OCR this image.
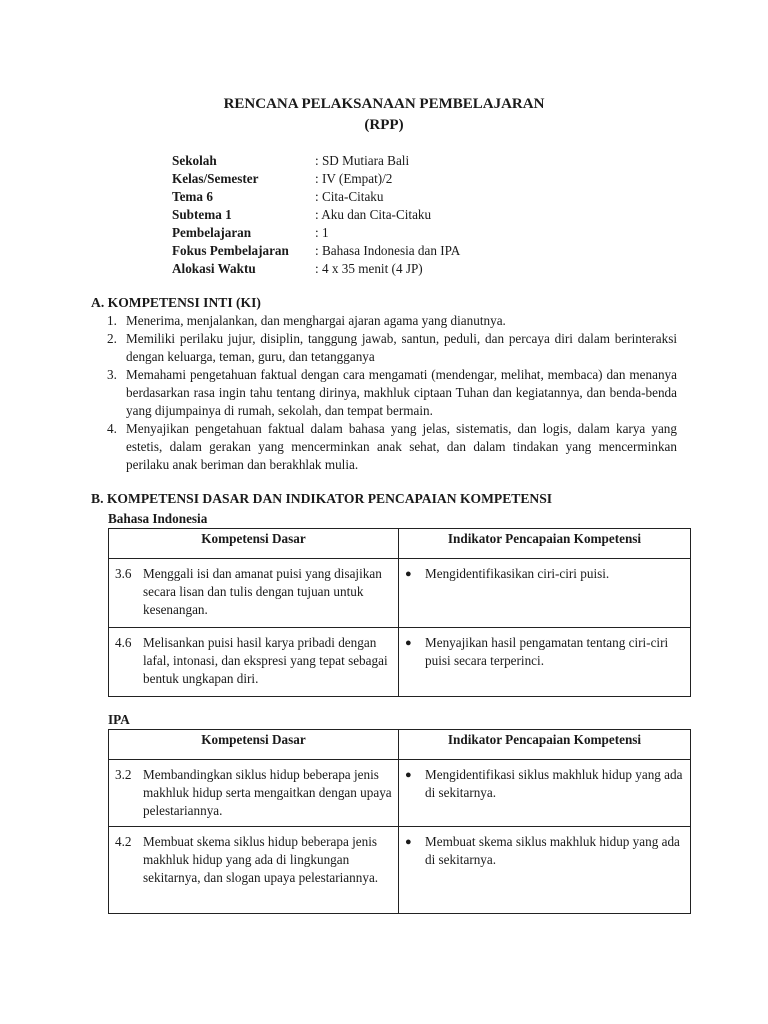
RENCANA PELAKSANAAN PEMBELAJARAN
(RPP)
Sekolah	: SD Mutiara Bali
Kelas/Semester	: IV (Empat)/2
Tema 6	: Cita-Citaku
Subtema 1	: Aku dan Cita-Citaku
Pembelajaran	: 1
Fokus Pembelajaran	: Bahasa Indonesia dan IPA
Alokasi Waktu	: 4 x 35 menit (4 JP)
A. KOMPETENSI INTI (KI)
1. Menerima, menjalankan, dan menghargai ajaran agama yang dianutnya.
2. Memiliki perilaku jujur, disiplin, tanggung jawab, santun, peduli, dan percaya diri dalam berinteraksi dengan keluarga, teman, guru, dan tetangganya
3. Memahami pengetahuan faktual dengan cara mengamati (mendengar, melihat, membaca) dan menanya berdasarkan rasa ingin tahu tentang dirinya, makhluk ciptaan Tuhan dan kegiatannya, dan benda-benda yang dijumpainya di rumah, sekolah, dan tempat bermain.
4. Menyajikan pengetahuan faktual dalam bahasa yang jelas, sistematis, dan logis, dalam karya yang estetis, dalam gerakan yang mencerminkan anak sehat, dan dalam tindakan yang mencerminkan perilaku anak beriman dan berakhlak mulia.
B. KOMPETENSI DASAR DAN INDIKATOR PENCAPAIAN KOMPETENSI
Bahasa Indonesia
Kompetensi Dasar	Indikator Pencapaian Kompetensi

3.6 Menggali isi dan amanat puisi yang disajikan secara lisan dan tulis dengan tujuan untuk kesenangan.	● Mengidentifikasikan ciri-ciri puisi.

4.6 Melisankan puisi hasil karya pribadi dengan lafal, intonasi, dan ekspresi yang tepat sebagai bentuk ungkapan diri.	● Menyajikan hasil pengamatan tentang ciri-ciri puisi secara terperinci.
IPA
Kompetensi Dasar	Indikator Pencapaian Kompetensi

3.2 Membandingkan siklus hidup beberapa jenis makhluk hidup serta mengaitkan dengan upaya pelestariannya.	● Mengidentifikasi siklus makhluk hidup yang ada di sekitarnya.

4.2 Membuat skema siklus hidup beberapa jenis makhluk hidup yang ada di lingkungan sekitarnya, dan slogan upaya pelestariannya.	● Membuat skema siklus makhluk hidup yang ada di sekitarnya.
